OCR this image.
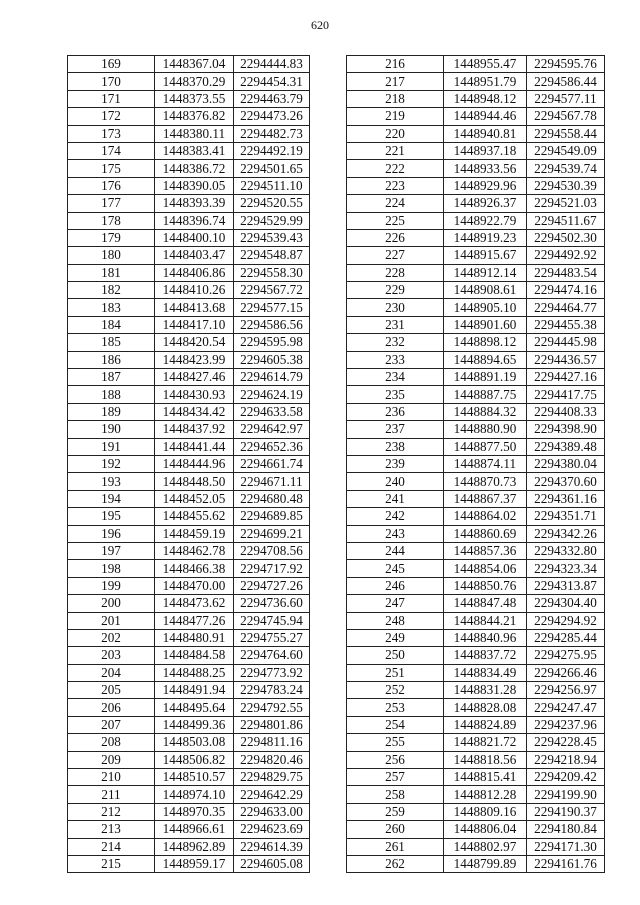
620
169	1448367.04	2294444.83
170	1448370.29	2294454.31
171	1448373.55	2294463.79
172	1448376.82	2294473.26
173	1448380.11	2294482.73
174	1448383.41	2294492.19
175	1448386.72	2294501.65
176	1448390.05	2294511.10
177	1448393.39	2294520.55
178	1448396.74	2294529.99
179	1448400.10	2294539.43
180	1448403.47	2294548.87
181	1448406.86	2294558.30
182	1448410.26	2294567.72
183	1448413.68	2294577.15
184	1448417.10	2294586.56
185	1448420.54	2294595.98
186	1448423.99	2294605.38
187	1448427.46	2294614.79
188	1448430.93	2294624.19
189	1448434.42	2294633.58
190	1448437.92	2294642.97
191	1448441.44	2294652.36
192	1448444.96	2294661.74
193	1448448.50	2294671.11
194	1448452.05	2294680.48
195	1448455.62	2294689.85
196	1448459.19	2294699.21
197	1448462.78	2294708.56
198	1448466.38	2294717.92
199	1448470.00	2294727.26
200	1448473.62	2294736.60
201	1448477.26	2294745.94
202	1448480.91	2294755.27
203	1448484.58	2294764.60
204	1448488.25	2294773.92
205	1448491.94	2294783.24
206	1448495.64	2294792.55
207	1448499.36	2294801.86
208	1448503.08	2294811.16
209	1448506.82	2294820.46
210	1448510.57	2294829.75
211	1448974.10	2294642.29
212	1448970.35	2294633.00
213	1448966.61	2294623.69
214	1448962.89	2294614.39
215	1448959.17	2294605.08
216	1448955.47	2294595.76
217	1448951.79	2294586.44
218	1448948.12	2294577.11
219	1448944.46	2294567.78
220	1448940.81	2294558.44
221	1448937.18	2294549.09
222	1448933.56	2294539.74
223	1448929.96	2294530.39
224	1448926.37	2294521.03
225	1448922.79	2294511.67
226	1448919.23	2294502.30
227	1448915.67	2294492.92
228	1448912.14	2294483.54
229	1448908.61	2294474.16
230	1448905.10	2294464.77
231	1448901.60	2294455.38
232	1448898.12	2294445.98
233	1448894.65	2294436.57
234	1448891.19	2294427.16
235	1448887.75	2294417.75
236	1448884.32	2294408.33
237	1448880.90	2294398.90
238	1448877.50	2294389.48
239	1448874.11	2294380.04
240	1448870.73	2294370.60
241	1448867.37	2294361.16
242	1448864.02	2294351.71
243	1448860.69	2294342.26
244	1448857.36	2294332.80
245	1448854.06	2294323.34
246	1448850.76	2294313.87
247	1448847.48	2294304.40
248	1448844.21	2294294.92
249	1448840.96	2294285.44
250	1448837.72	2294275.95
251	1448834.49	2294266.46
252	1448831.28	2294256.97
253	1448828.08	2294247.47
254	1448824.89	2294237.96
255	1448821.72	2294228.45
256	1448818.56	2294218.94
257	1448815.41	2294209.42
258	1448812.28	2294199.90
259	1448809.16	2294190.37
260	1448806.04	2294180.84
261	1448802.97	2294171.30
262	1448799.89	2294161.76
